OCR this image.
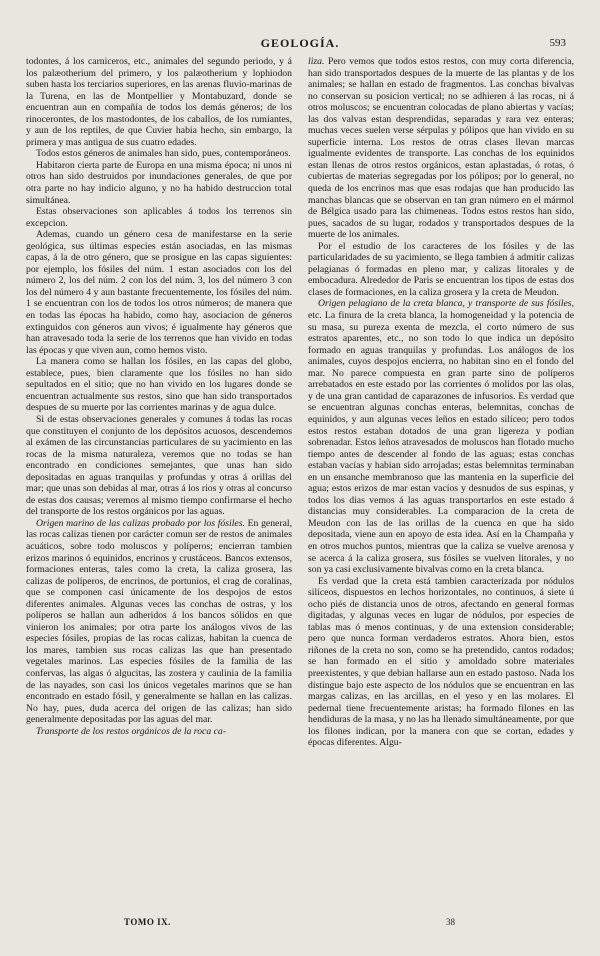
GEOLOGÍA.	593

todontes, á los carniceros, etc., animales del segundo periodo, y á los palæotherium del primero, y los palæotherium y lophiodon suben hasta los terciarios superiores, en las arenas fluvio-marinas de la Turena, en las de Montpellier y Montabuzard, donde se encuentran aun en compañía de todos los demás géneros; de los rinocerontes, de los mastodontes, de los caballos, de los rumiantes, y aun de los reptiles, de que Cuvier habia hecho, sin embargo, la primera y mas antigua de sus cuatro edades.

Todos estos géneros de animales han sido, pues, contemporáneos.

Habitaron cierta parte de Europa en una misma época; ni unos ni otros han sido destruidos por inundaciones generales, de que por otra parte no hay indicio alguno, y no ha habido destruccion total simultánea.

Estas observaciones son aplicables á todos los terrenos sin excepcion.

Ademas, cuando un género cesa de manifestarse en la serie geológica, sus últimas especies están asociadas, en las mismas capas, á la de otro género, que se prosigue en las capas siguientes: por ejemplo, los fósiles del núm. 1 estan asociados con los del número 2, los del núm. 2 con los del núm. 3, los del número 3 con los del número 4 y aun bastante frecuentemente, los fósiles del núm. 1 se encuentran con los de todos los otros números; de manera que en todas las épocas ha habido, como hay, asociacion de géneros extinguidos con géneros aun vivos; é igualmente hay géneros que han atravesado toda la serie de los terrenos que han vivido en todas las épocas y que viven aun, como hemos visto.

La manera como se hallan los fósiles, en las capas del globo, establece, pues, bien claramente que los fósiles no han sido sepultados en el sitio; que no han vivido en los lugares donde se encuentran actualmente sus restos, sino que han sido transportados despues de su muerte por las corrientes marinas y de agua dulce.

Si de estas observaciones generales y comunes á todas las rocas que constituyen el conjunto de los depósitos acuosos, descendemos al exámen de las circunstancias particulares de su yacimiento en las rocas de la misma naturaleza, veremos que no todas se han encontrado en condiciones semejantes, que unas han sido depositadas en aguas tranquilas y profundas y otras á orillas del mar; que unas son debidas al mar, otras á los rios y otras al concurso de estas dos causas; veremos al mismo tiempo confirmarse el hecho del transporte de los restos orgánicos por las aguas.

Origen marino de las calizas probado por los fósiles. En general, las rocas calizas tienen por carácter comun ser de restos de animales acuáticos, sobre todo moluscos y políperos; encierran tambien erizos marinos ó equinidos, encrinos y crustáceos. Bancos extensos, formaciones enteras, tales como la creta, la caliza grosera, las calizas de políperos, de encrinos, de portunios, el crag de coralinas, que se componen casi únicamente de los despojos de estos diferentes animales. Algunas veces las conchas de ostras, y los políperos se hallan aun adheridos á los bancos sólidos en que vinieron los animales; por otra parte los análogos vivos de las especies fósiles, propias de las rocas calizas, habitan la cuenca de los mares, tambien sus rocas calizas las que han presentado vegetales marinos. Las especies fósiles de la familia de las confervas, las algas ó algucitas, las zostera y caulinia de la familia de las nayades, son casi los únicos vegetales marinos que se han encontrado en estado fósil, y generalmente se hallan en las calizas. No hay, pues, duda acerca del origen de las calizas; han sido generalmente depositadas por las aguas del mar.

Transporte de los restos orgánicos de la roca ca-

liza. Pero vemos que todos estos restos, con muy corta diferencia, han sido transportados despues de la muerte de las plantas y de los animales; se hallan en estado de fragmentos. Las conchas bivalvas no conservan su posicion vertical; no se adhieren á las rocas, ni á otros moluscos; se encuentran colocadas de plano abiertas y vacías; las dos valvas estan desprendidas, separadas y rara vez enteras; muchas veces suelen verse sérpulas y pólipos que han vivido en su superficie interna. Los restos de otras clases llevan marcas igualmente evidentes de transporte. Las conchas de los equinidos estan llenas de otros restos orgánicos, estan aplastadas, ó rotas, ó cubiertas de materias segregadas por los pólipos; por lo general, no queda de los encrinos mas que esas rodajas que han producido las manchas blancas que se observan en tan gran número en el mármol de Bélgica usado para las chimeneas. Todos estos restos han sido, pues, sacados de su lugar, rodados y transportados despues de la muerte de los animales.

Por el estudio de los caracteres de los fósiles y de las particularidades de su yacimiento, se llega tambien á admitir calizas pelagianas ó formadas en pleno mar, y calizas litorales y de embocadura. Alrededor de Paris se encuentran los tipos de estas dos clases de formaciones, en la caliza grosera y la creta de Meudon.

Origen pelagiano de la creta blanca, y transporte de sus fósiles, etc. La finura de la creta blanca, la homogeneidad y la potencia de su masa, su pureza exenta de mezcla, el corto número de sus estratos aparentes, etc., no son todo lo que indica un depósito formado en aguas tranquilas y profundas. Los análogos de los animales, cuyos despojos encierra, no habitan sino en el fondo del mar. No parece compuesta en gran parte sino de políperos arrebatados en este estado por las corrientes ó molidos por las olas, y de una gran cantidad de caparazones de infusorios. Es verdad que se encuentran algunas conchas enteras, belemnitas, conchas de equinidos, y aun algunas veces leños en estado silíceo; pero todos estos restos estaban dotados de una gran ligereza y podian sobrenadar. Estos leños atravesados de moluscos han flotado mucho tiempo antes de descender al fondo de las aguas; estas conchas estaban vacías y habian sido arrojadas; estas belemnitas terminaban en un ensanche membranoso que las mantenia en la superficie del agua; estos erizos de mar estan vacíos y desnudos de sus espinas, y todos los dias vemos á las aguas transportarlos en este estado á distancias muy considerables. La comparacion de la creta de Meudon con las de las orillas de la cuenca en que ha sido depositada, viene aun en apoyo de esta idea. Así en la Champaña y en otros muchos puntos, mientras que la caliza se vuelve arenosa y se acerca á la caliza grosera, sus fósiles se vuelven litorales, y no son ya casi exclusivamente bivalvas como en la creta blanca.

Es verdad que la creta está tambien caracterizada por nódulos silíceos, dispuestos en lechos horizontales, no continuos, á siete ú ocho piés de distancia unos de otros, afectando en general formas digitadas, y algunas veces en lugar de nódulos, por especies de tablas mas ó menos continuas, y de una extension considerable; pero que nunca forman verdaderos estratos. Ahora bien, estos riñones de la creta no son, como se ha pretendido, cantos rodados; se han formado en el sitio y amoldado sobre materiales preexistentes, y que debian hallarse aun en estado pastoso. Nada los distingue bajo este aspecto de los nódulos que se encuentran en las margas calizas, en las arcillas, en el yeso y en las molares. El pedernal tiene frecuentemente aristas; ha formado filones en las hendiduras de la masa, y no las ha llenado simultáneamente, por que los filones indican, por la manera con que se cortan, edades y épocas diferentes. Algu-

TOMO IX.	38
